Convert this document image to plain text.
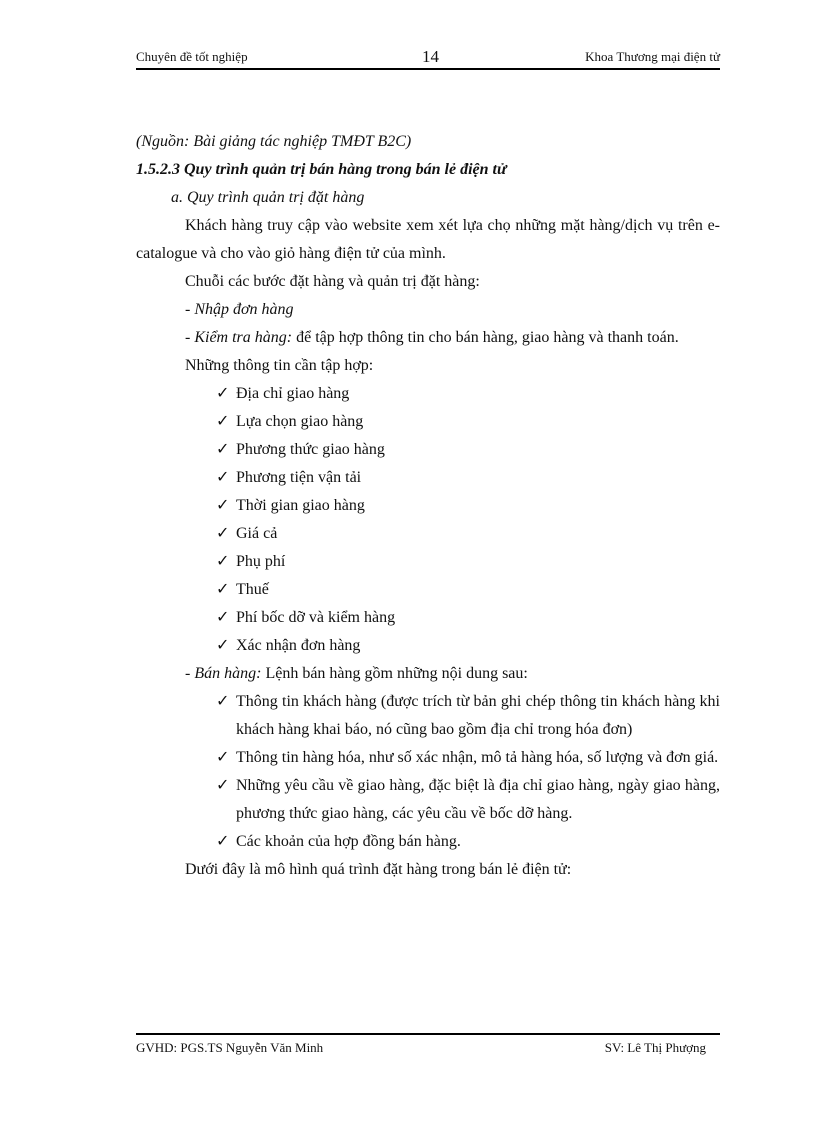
Chuyên đề tốt nghiệp	14	Khoa Thương mại điện tử
(Nguồn: Bài giảng tác nghiệp TMĐT B2C)
1.5.2.3 Quy trình quản trị bán hàng trong bán lẻ điện tử
a. Quy trình quản trị đặt hàng
Khách hàng truy cập vào website xem xét lựa chọ những mặt hàng/dịch vụ trên e-catalogue và cho vào giỏ hàng điện tử của mình.
Chuỗi các bước đặt hàng và quản trị đặt hàng:
- Nhập đơn hàng
- Kiểm tra hàng: để tập hợp thông tin cho bán hàng, giao hàng và thanh toán.
Những thông tin cần tập hợp:
✓ Địa chỉ giao hàng
✓ Lựa chọn giao hàng
✓ Phương thức giao hàng
✓ Phương tiện vận tải
✓ Thời gian giao hàng
✓ Giá cả
✓ Phụ phí
✓ Thuế
✓ Phí bốc dỡ và kiểm hàng
✓ Xác nhận đơn hàng
- Bán hàng: Lệnh bán hàng gồm những nội dung sau:
✓ Thông tin khách hàng (được trích từ bản ghi chép thông tin khách hàng khi khách hàng khai báo, nó cũng bao gồm địa chỉ trong hóa đơn)
✓ Thông tin hàng hóa, như số xác nhận, mô tả hàng hóa, số lượng và đơn giá.
✓ Những yêu cầu về giao hàng, đặc biệt là địa chỉ giao hàng, ngày giao hàng, phương thức giao hàng, các yêu cầu về bốc dỡ hàng.
✓ Các khoản của hợp đồng bán hàng.
Dưới đây là mô hình quá trình đặt hàng trong bán lẻ điện tử:
GVHD: PGS.TS Nguyễn Văn Minh	SV: Lê Thị Phượng
